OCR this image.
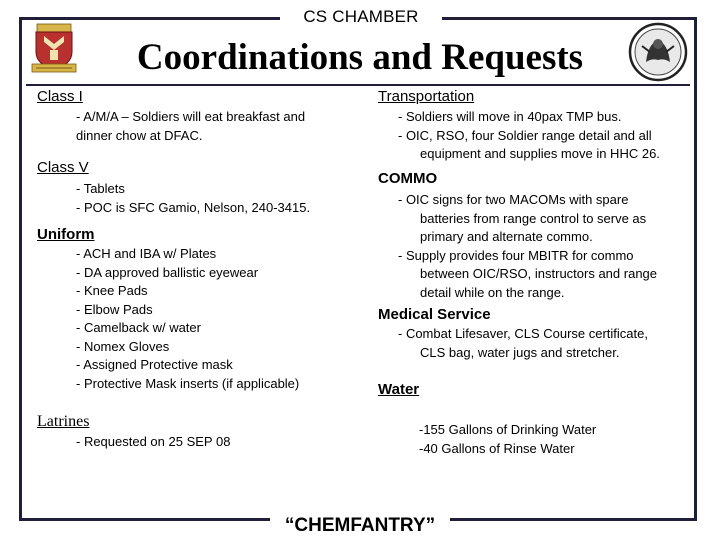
CS CHAMBER
Coordinations and Requests
Class I
- A/M/A – Soldiers will eat breakfast and
dinner chow at DFAC.
Class V
- Tablets
- POC is SFC Gamio, Nelson, 240-3415.
Uniform
- ACH and IBA w/ Plates
- DA approved ballistic eyewear
- Knee Pads
- Elbow Pads
- Camelback w/ water
- Nomex Gloves
- Assigned Protective mask
- Protective Mask inserts (if applicable)
Latrines
- Requested on 25 SEP 08
Transportation
- Soldiers will move in 40pax TMP bus.
- OIC, RSO, four Soldier range detail and all
equipment and supplies move in HHC 26.
COMMO
- OIC signs for two MACOMs with spare
batteries from range control to serve as
primary and alternate commo.
- Supply provides four MBITR for commo
between OIC/RSO, instructors and range
detail while on the range.
Medical Service
- Combat Lifesaver, CLS Course certificate,
CLS bag, water jugs and stretcher.
Water
-155 Gallons of Drinking Water
-40 Gallons of Rinse Water
“CHEMFANTRY”
